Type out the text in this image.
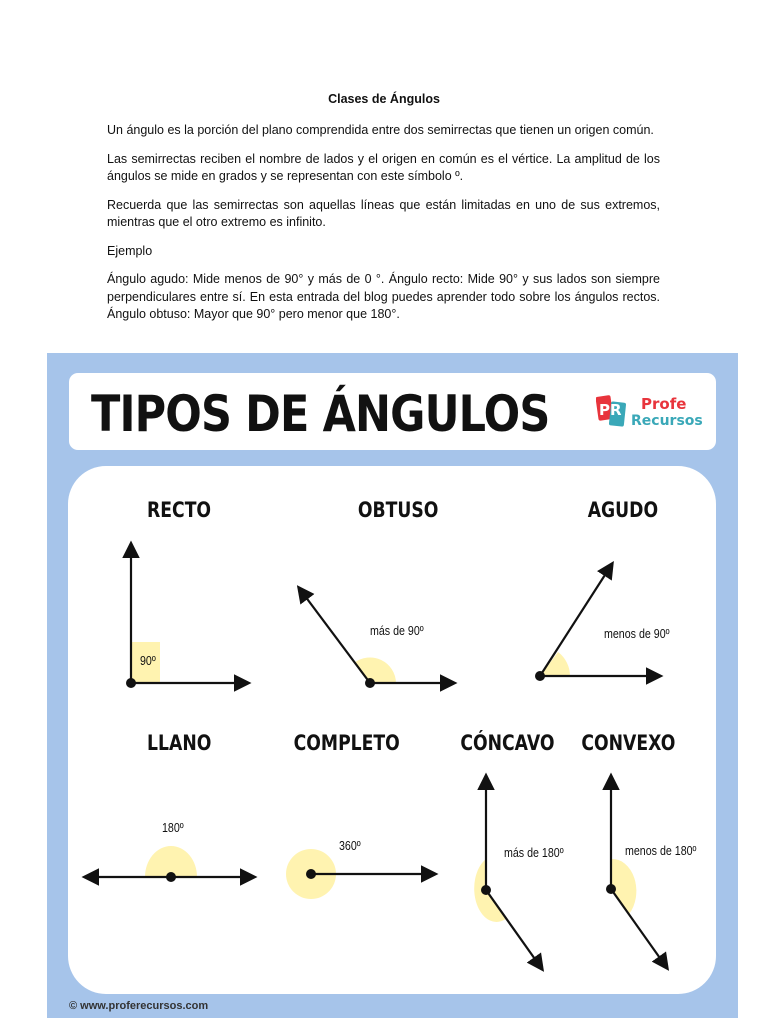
Clases de Ángulos

Un ángulo es la porción del plano comprendida entre dos semirrectas que tienen un origen común.

Las semirrectas reciben el nombre de lados y el origen en común es el vértice. La amplitud de los ángulos se mide en grados y se representan con este símbolo º.

Recuerda que las semirrectas son aquellas líneas que están limitadas en uno de sus extremos, mientras que el otro extremo es infinito.

Ejemplo

Ángulo agudo: Mide menos de 90° y más de 0 °. Ángulo recto: Mide 90° y sus lados son siempre perpendiculares entre sí. En esta entrada del blog puedes aprender todo sobre los ángulos rectos. Ángulo obtuso: Mayor que 90° pero menor que 180°.

TIPOS DE ÁNGULOS	PR Profe
Recursos
RECTO	OBTUSO	AGUDO
LLANO	COMPLETO	CÓNCAVO CONVEXO
90º
más de 90º	menos de 90º
180º
360º	más de 180º	menos de 180º
© www.proferecursos.com
